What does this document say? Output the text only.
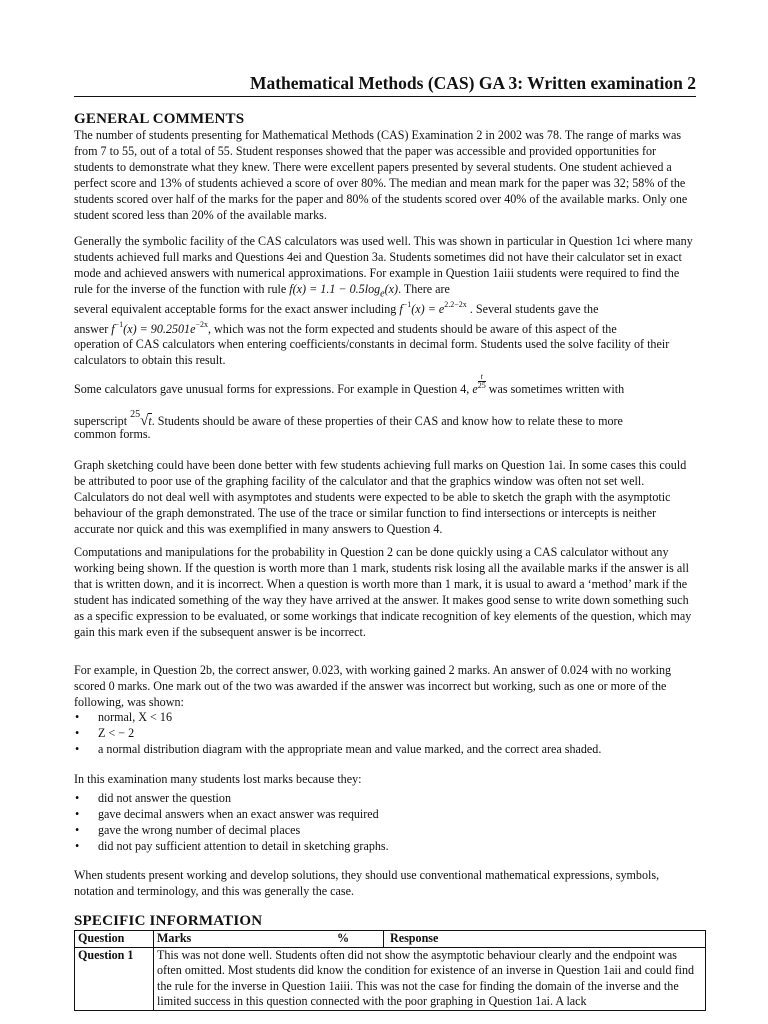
Mathematical Methods (CAS) GA 3: Written examination 2
GENERAL COMMENTS

The number of students presenting for Mathematical Methods (CAS) Examination 2 in 2002 was 78. The range of marks was from 7 to 55, out of a total of 55. Student responses showed that the paper was accessible and provided opportunities for students to demonstrate what they knew. There were excellent papers presented by several students. One student achieved a perfect score and 13% of students achieved a score of over 80%. The median and mean mark for the paper was 32; 58% of the students scored over half of the marks for the paper and 80% of the students scored over 40% of the available marks. Only one student scored less than 20% of the available marks.

Generally the symbolic facility of the CAS calculators was used well. This was shown in particular in Question 1ci where many students achieved full marks and Questions 4ei and Question 3a. Students sometimes did not have their calculator set in exact mode and achieved answers with numerical approximations. For example in Question 1aiii students were required to find the rule for the inverse of the function with rule $f(x) = 1.1 - 0.5\log_e(x)$. There are

several equivalent acceptable forms for the exact answer including $f^{-1}(x) = e^{2.2-2x}$ . Several students gave the
answer $f^{-1}(x) = 90.2501e^{-2x}$, which was not the form expected and students should be aware of this aspect of the

operation of CAS calculators when entering coefficients/constants in decimal form. Students used the solve facility of their calculators to obtain this result.

Some calculators gave unusual forms for expressions. For example in Question 4, e $\frac{t}{25}$ was sometimes written with
superscript $^{25}$√t. Students should be aware of these properties of their CAS and know how to relate these to more

common forms.

Graph sketching could have been done better with few students achieving full marks on Question 1ai. In some cases this could be attributed to poor use of the graphing facility of the calculator and that the graphics window was often not set well. Calculators do not deal well with asymptotes and students were expected to be able to sketch the graph with the asymptotic behaviour of the graph demonstrated. The use of the trace or similar function to find intersections or intercepts is neither accurate nor quick and this was exemplified in many answers to Question 4.

Computations and manipulations for the probability in Question 2 can be done quickly using a CAS calculator without any working being shown. If the question is worth more than 1 mark, students risk losing all the available marks if the answer is all that is written down, and it is incorrect. When a question is worth more than 1 mark, it is usual to award a ‘method’ mark if the student has indicated something of the way they have arrived at the answer. It makes good sense to write down something such as a specific expression to be evaluated, or some workings that indicate recognition of key elements of the question, which may gain this mark even if the subsequent answer is be incorrect.

For example, in Question 2b, the correct answer, 0.023, with working gained 2 marks. An answer of 0.024 with no working scored 0 marks. One mark out of the two was awarded if the answer was incorrect but working, such as one or more of the following, was shown:

• normal, X < 16
• Z < − 2
• a normal distribution diagram with the appropriate mean and value marked, and the correct area shaded.

In this examination many students lost marks because they:

• did not answer the question
• gave decimal answers when an exact answer was required
• gave the wrong number of decimal places
• did not pay sufficient attention to detail in sketching graphs.

When students present working and develop solutions, they should use conventional mathematical expressions, symbols, notation and terminology, and this was generally the case.

SPECIFIC INFORMATION
Question	Marks % Response

Question 1	This was not done well. Students often did not show the asymptotic behaviour clearly and the endpoint was often omitted. Most students did know the condition for existence of an inverse in Question 1aii and could find the rule for the inverse in Question 1aiii. This was not the case for finding the domain of the inverse and the limited success in this question connected with the poor graphing in Question 1ai. A lack
